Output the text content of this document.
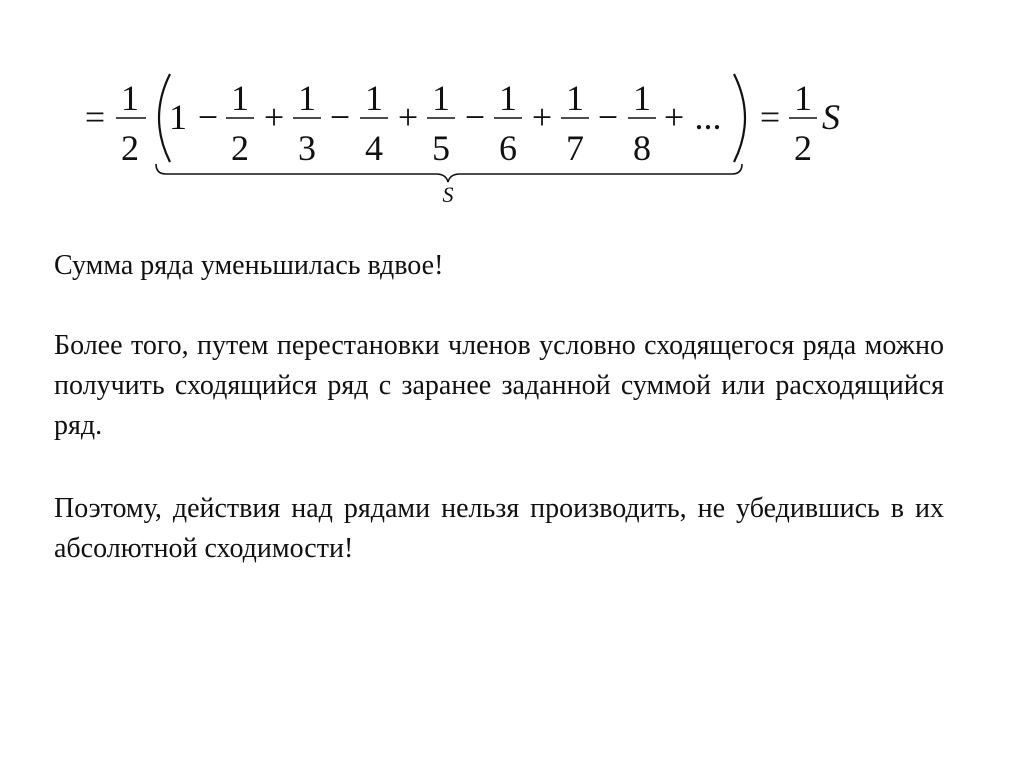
= 1
2
1 − 1
2
+ 1
3
− 1
4
+ 1
5
− 1
6
+ 1
7
− 1
8
+ ... = 1
2
S
S

Сумма ряда уменьшилась вдвое!

Более того, путем перестановки членов условно сходящегося ряда можно получить сходящийся ряд с заранее заданной суммой или расходящийся ряд.

Поэтому, действия над рядами нельзя производить, не убедившись в их абсолютной сходимости!
